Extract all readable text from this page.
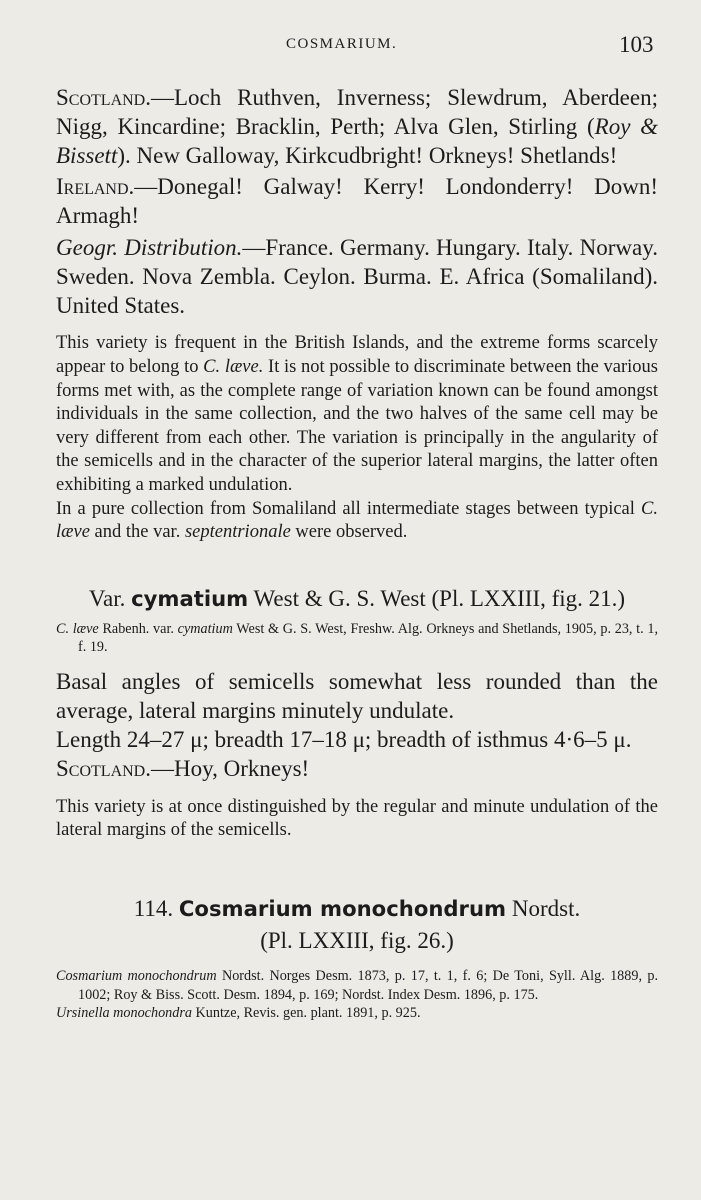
COSMARIUM.	103

Scotland.—Loch Ruthven, Inverness; Slewdrum, Aberdeen; Nigg, Kincardine; Bracklin, Perth; Alva Glen, Stirling (Roy & Bissett). New Galloway, Kirkcudbright! Orkneys! Shetlands!

Ireland.—Donegal! Galway! Kerry! Londonderry! Down! Armagh!

Geogr. Distribution.—France. Germany. Hungary. Italy. Norway. Sweden. Nova Zembla. Ceylon. Burma. E. Africa (Somaliland). United States.

This variety is frequent in the British Islands, and the extreme forms scarcely appear to belong to C. læve. It is not possible to discriminate between the various forms met with, as the complete range of variation known can be found amongst individuals in the same collection, and the two halves of the same cell may be very different from each other. The variation is principally in the angularity of the semicells and in the character of the superior lateral margins, the latter often exhibiting a marked undulation.

In a pure collection from Somaliland all intermediate stages between typical C. læve and the var. septentrionale were observed.

Var. cymatium West & G. S. West (Pl. LXXIII, fig. 21.)

C. læve Rabenh. var. cymatium West & G. S. West, Freshw. Alg. Orkneys and Shetlands, 1905, p. 23, t. 1, f. 19.

Basal angles of semicells somewhat less rounded than the average, lateral margins minutely undulate.

Length 24–27 μ; breadth 17–18 μ; breadth of isthmus 4·6–5 μ.

Scotland.—Hoy, Orkneys!

This variety is at once distinguished by the regular and minute undulation of the lateral margins of the semicells.

114. Cosmarium monochondrum Nordst.

(Pl. LXXIII, fig. 26.)

Cosmarium monochondrum Nordst. Norges Desm. 1873, p. 17, t. 1, f. 6; De Toni, Syll. Alg. 1889, p. 1002; Roy & Biss. Scott. Desm. 1894, p. 169; Nordst. Index Desm. 1896, p. 175.

Ursinella monochondra Kuntze, Revis. gen. plant. 1891, p. 925.
